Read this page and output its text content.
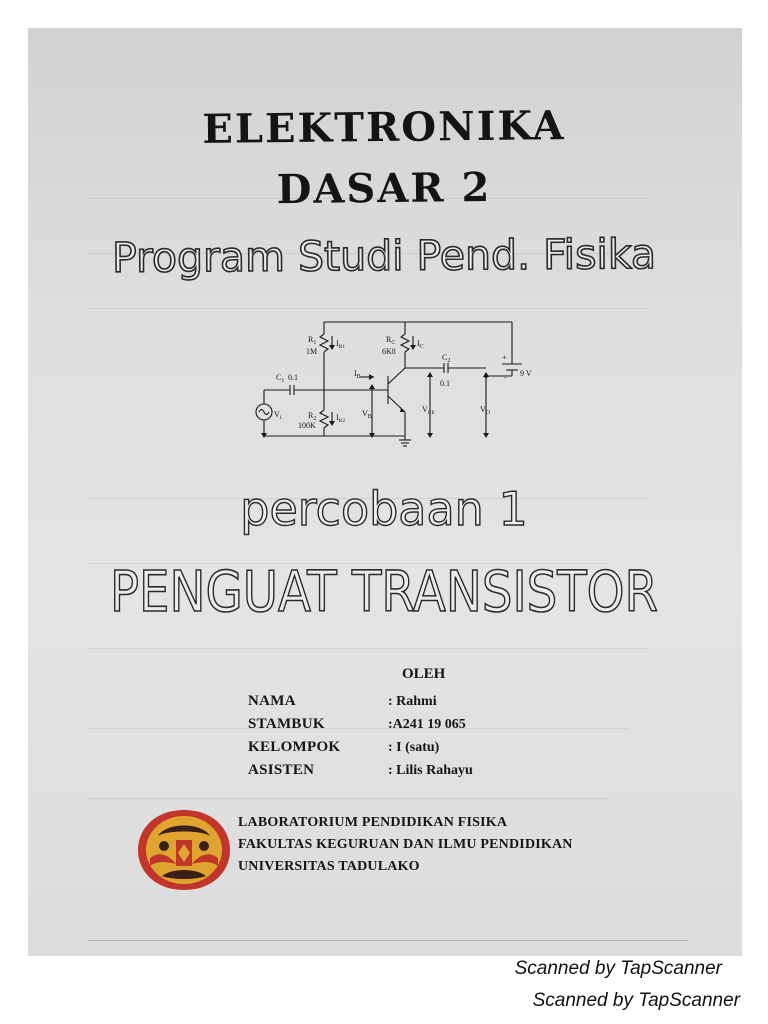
ELEKTRONIKA
DASAR 2
Program Studi Pend. Fisika
$R_1$
1M
$I_{R1}$
$R_C$
6K8
$I_C$
$C_1$ 0.1
$C_2$
0.1
$I_B$
$V_i$	$R_2$
100K
$I_{R2}$
$V_B$
$V_{CE}$	$V_O$
+
- 9 V
percobaan 1
PENGUAT TRANSISTOR
OLEH
NAMA	: Rahmi
STAMBUK	:A241 19 065
KELOMPOK	: I (satu)
ASISTEN	: Lilis Rahayu
LABORATORIUM PENDIDIKAN FISIKA
FAKULTAS KEGURUAN DAN ILMU PENDIDIKAN
UNIVERSITAS TADULAKO
Scanned by TapScanner
Scanned by TapScanner
